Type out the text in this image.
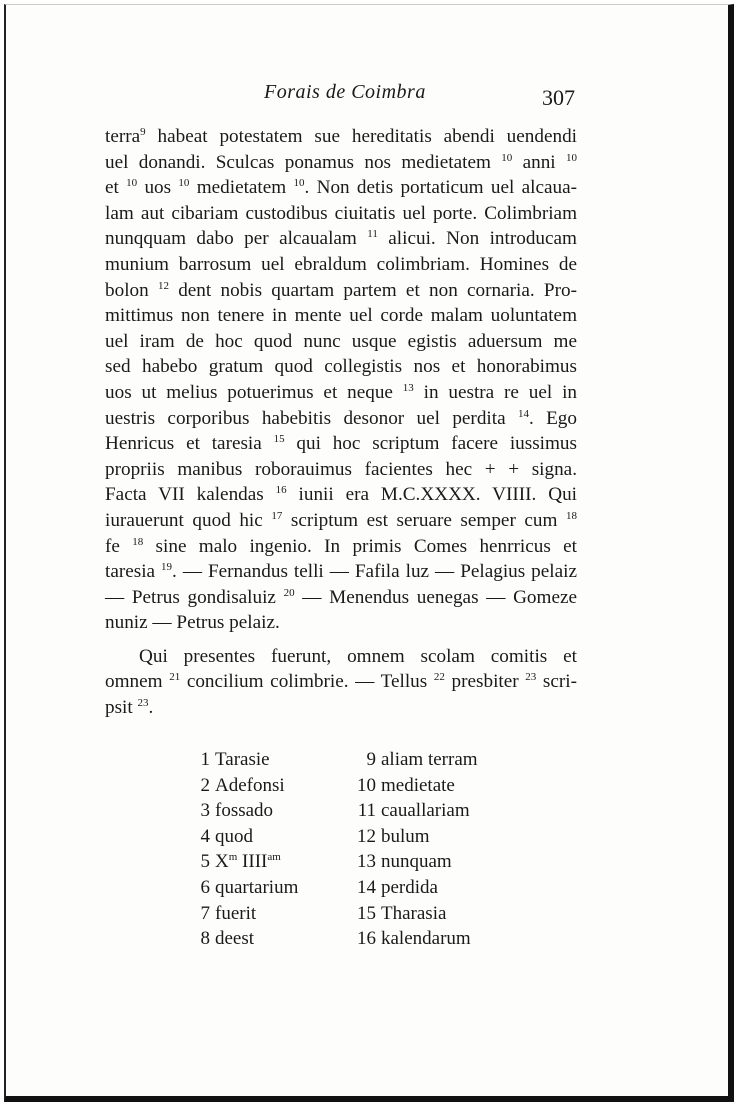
Forais de Coimbra	307
terra$^9$ habeat potestatem sue hereditatis abendi uendendi
uel donandi. Sculcas ponamus nos medietatem $^{10}$ anni $^{10}$
et $^{10}$ uos $^{10}$ medietatem $^{10}$. Non detis portaticum uel alcaua-
lam aut cibariam custodibus ciuitatis uel porte. Colimbriam
nunqquam dabo per alcaualam $^{11}$ alicui. Non introducam
munium barrosum uel ebraldum colimbriam. Homines de
bolon $^{12}$ dent nobis quartam partem et non cornaria. Pro-
mittimus non tenere in mente uel corde malam uoluntatem
uel iram de hoc quod nunc usque egistis aduersum me
sed habebo gratum quod collegistis nos et honorabimus
uos ut melius potuerimus et neque $^{13}$ in uestra re uel in
uestris corporibus habebitis desonor uel perdita $^{14}$. Ego
Henricus et taresia $^{15}$ qui hoc scriptum facere iussimus
propriis manibus roborauimus facientes hec + + signa.
Facta VII kalendas $^{16}$ iunii era M.C.XXXX. VIIII. Qui
iurauerunt quod hic $^{17}$ scriptum est seruare semper cum $^{18}$
fe $^{18}$ sine malo ingenio. In primis Comes henrricus et
taresia $^{19}$. — Fernandus telli — Fafila luz — Pelagius pelaiz
— Petrus gondisaluiz $^{20}$ — Menendus uenegas — Gomeze
nuniz — Petrus pelaiz.
Qui presentes fuerunt, omnem scolam comitis et
omnem $^{21}$ concilium colimbrie. — Tellus $^{22}$ presbiter $^{23}$ scri-
psit $^{23}$.
1 Tarasie
2 Adefonsi
3 fossado
4 quod
5 $X^m$ $IIII^{am}$
6 quartarium
7 fuerit
8 deest
9 aliam terram
10 medietate
11 cauallariam
12 bulum
13 nunquam
14 perdida
15 Tharasia
16 kalendarum
